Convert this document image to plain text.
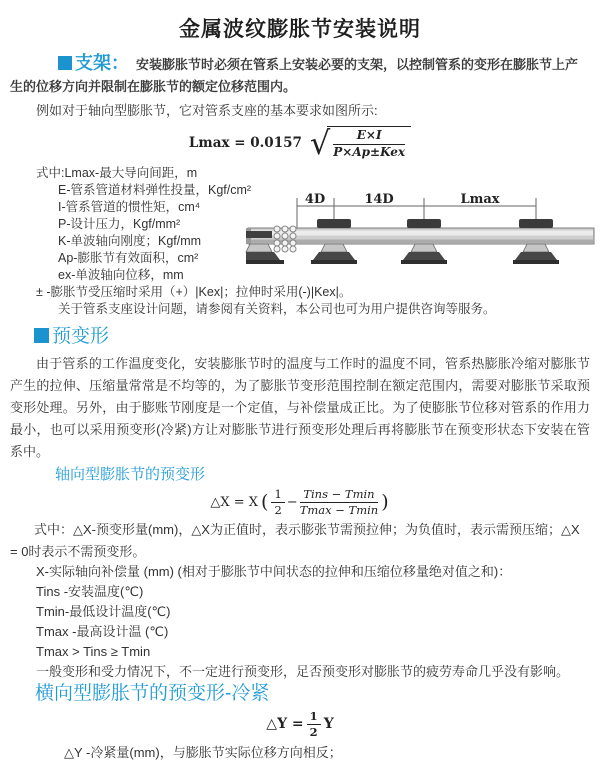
金属波纹膨胀节安装说明

支架： 安装膨胀节时必须在管系上安装必要的支架，以控制管系的变形在膨胀节上产生的位移方向并限制在膨胀节的额定位移范围内。

例如对于轴向型膨胀节，它对管系支座的基本要求如图所示:

Lmax = 0.0157 √
$\frac{E\times I}{\text{P×Ap±Kex}}$
式中:Lmax-最大导向间距，m
E-管系管道材料弹性投量，Kgf/cm²
I-管系管道的惯性矩，cm⁴
P-设计压力，Kgf/mm²
K-单波轴向刚度；Kgf/mm
Ap-膨胀节有效面积，cm²
ex-单波轴向位移，mm
± -膨胀节受压缩时采用（+）|Kex|；拉伸时采用(-)|Kex|。
关于管系支座设计问题，请参阅有关资料，本公司也可为用户提供咨询等服务。
4D	14D	Lmax
预变形

由于管系的工作温度变化，安装膨胀节时的温度与工作时的温度不同，管系热膨胀冷缩对膨胀节产生的拉伸、压缩量常常是不均等的，为了膨胀节变形范围控制在额定范围内，需要对膨胀节采取预变形处理。另外，由于膨账节刚度是一个定值，与补偿量成正比。为了使膨胀节位移对管系的作用力最小，也可以采用预变形(冷紧)方让对膨胀节进行预变形处理后再将膨胀节在预变形状态下安装在管系中。

轴向型膨胀节的预变形
△X = X ( $\frac{1}{2} - \frac{\text{Tins − Tmin}}{Tmax - Tmin}$ )

式中：△X-预变形量(mm)，△X为正值时，表示膨张节需预拉伸；为负值时，表示需预压缩；△X = 0时表示不需预变形。

X-实际轴向补偿量 (mm) (相对于膨胀节中间状态的拉伸和压缩位移量绝对值之和)：
Tins -安装温度(℃)
Tmin-最低设计温度(℃)
Tmax -最高设计温 (℃)
Tmax > Tins ≥ Tmin

一般变形和受力情况下，不一定进行预变形，足否预变形对膨胀节的疲劳寿命几乎没有影响。

横向型膨胀节的预变形-冷紧
△Y = $\frac{1}{2}$ Y
△Y -冷紧量(mm)，与膨胀节实际位移方向相反；
